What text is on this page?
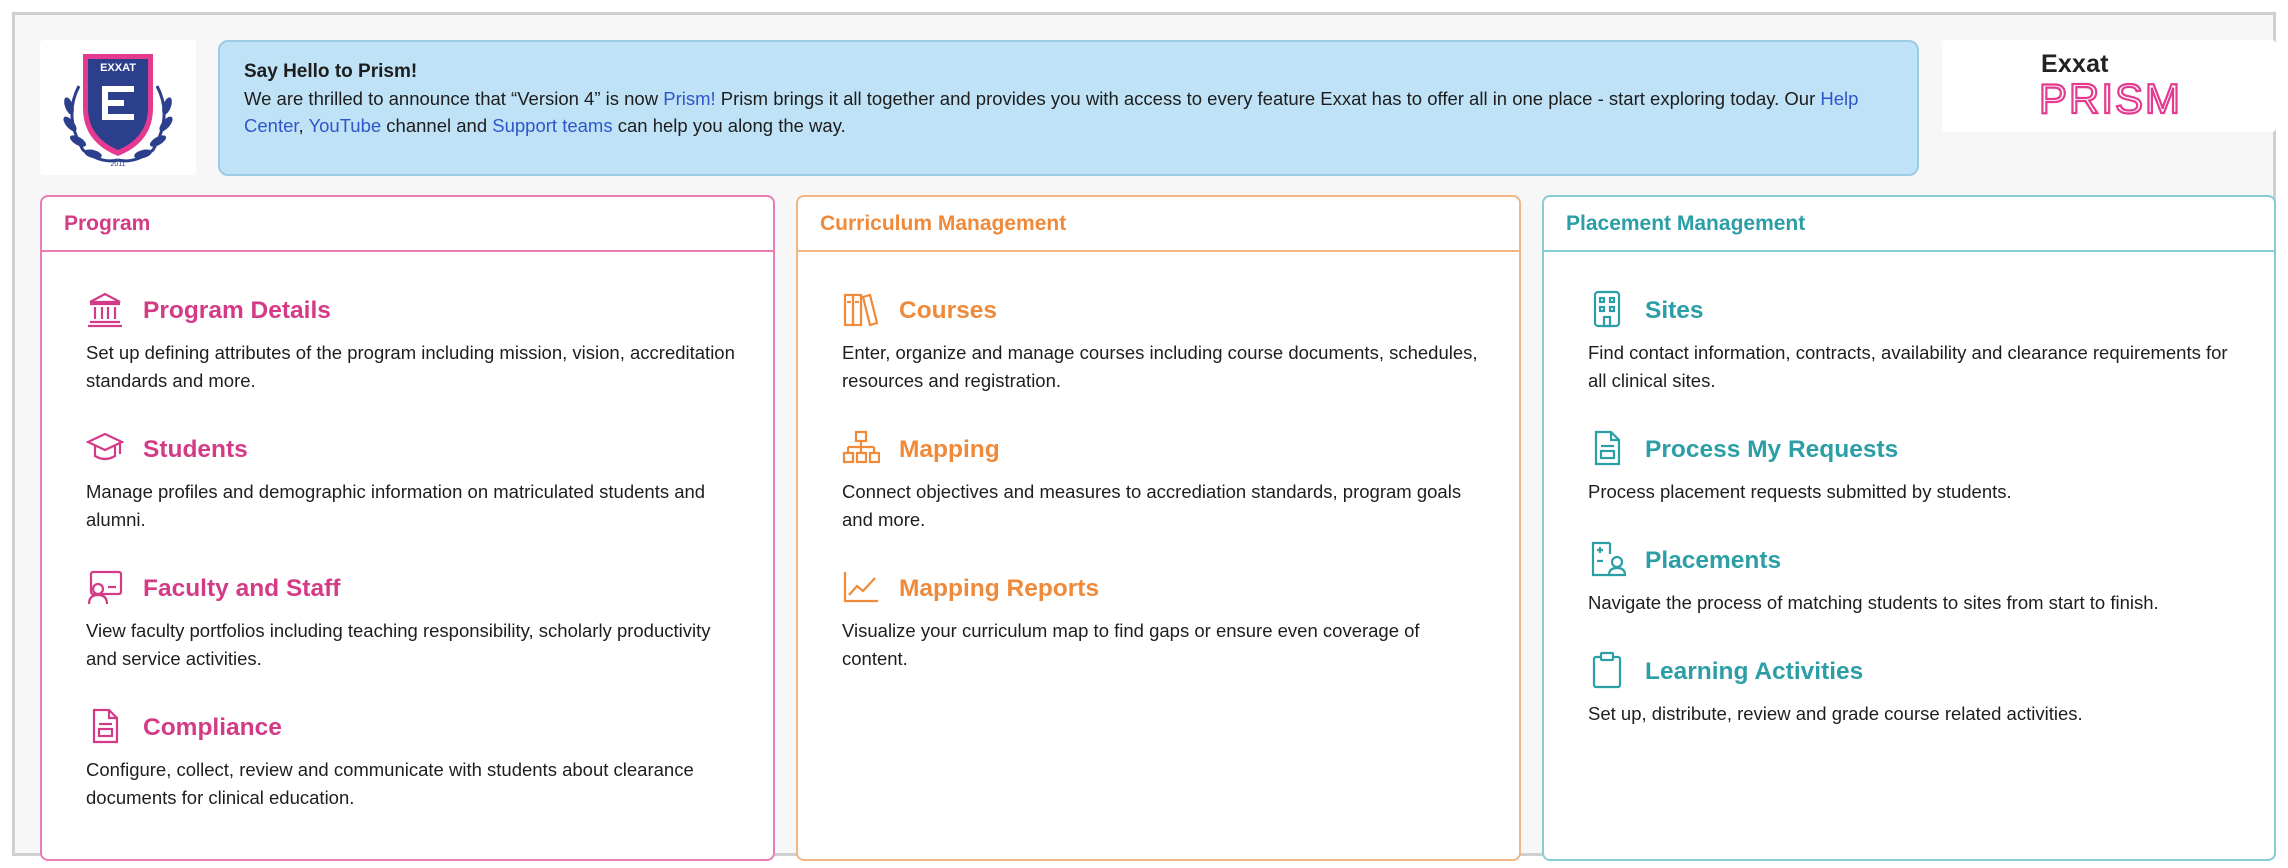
EXXAT
2011
Say Hello to Prism!
We are thrilled to announce that “Version 4” is now Prism! Prism brings it all together and provides you with access to every feature Exxat has to offer all in one place - start exploring today. Our Help Center, YouTube channel and Support teams can help you along the way.
Exxat
PRISM
Program
Program Details
Set up defining attributes of the program including mission, vision, accreditation standards and more.
Students
Manage profiles and demographic information on matriculated students and alumni.
Faculty and Staff
View faculty portfolios including teaching responsibility, scholarly productivity and service activities.
Compliance
Configure, collect, review and communicate with students about clearance documents for clinical education.
Curriculum Management
Courses
Enter, organize and manage courses including course documents, schedules, resources and registration.
Mapping
Connect objectives and measures to accrediation standards, program goals and more.
Mapping Reports
Visualize your curriculum map to find gaps or ensure even coverage of content.
Placement Management
Sites
Find contact information, contracts, availability and clearance requirements for all clinical sites.
Process My Requests
Process placement requests submitted by students.
Placements
Navigate the process of matching students to sites from start to finish.
Learning Activities
Set up, distribute, review and grade course related activities.
